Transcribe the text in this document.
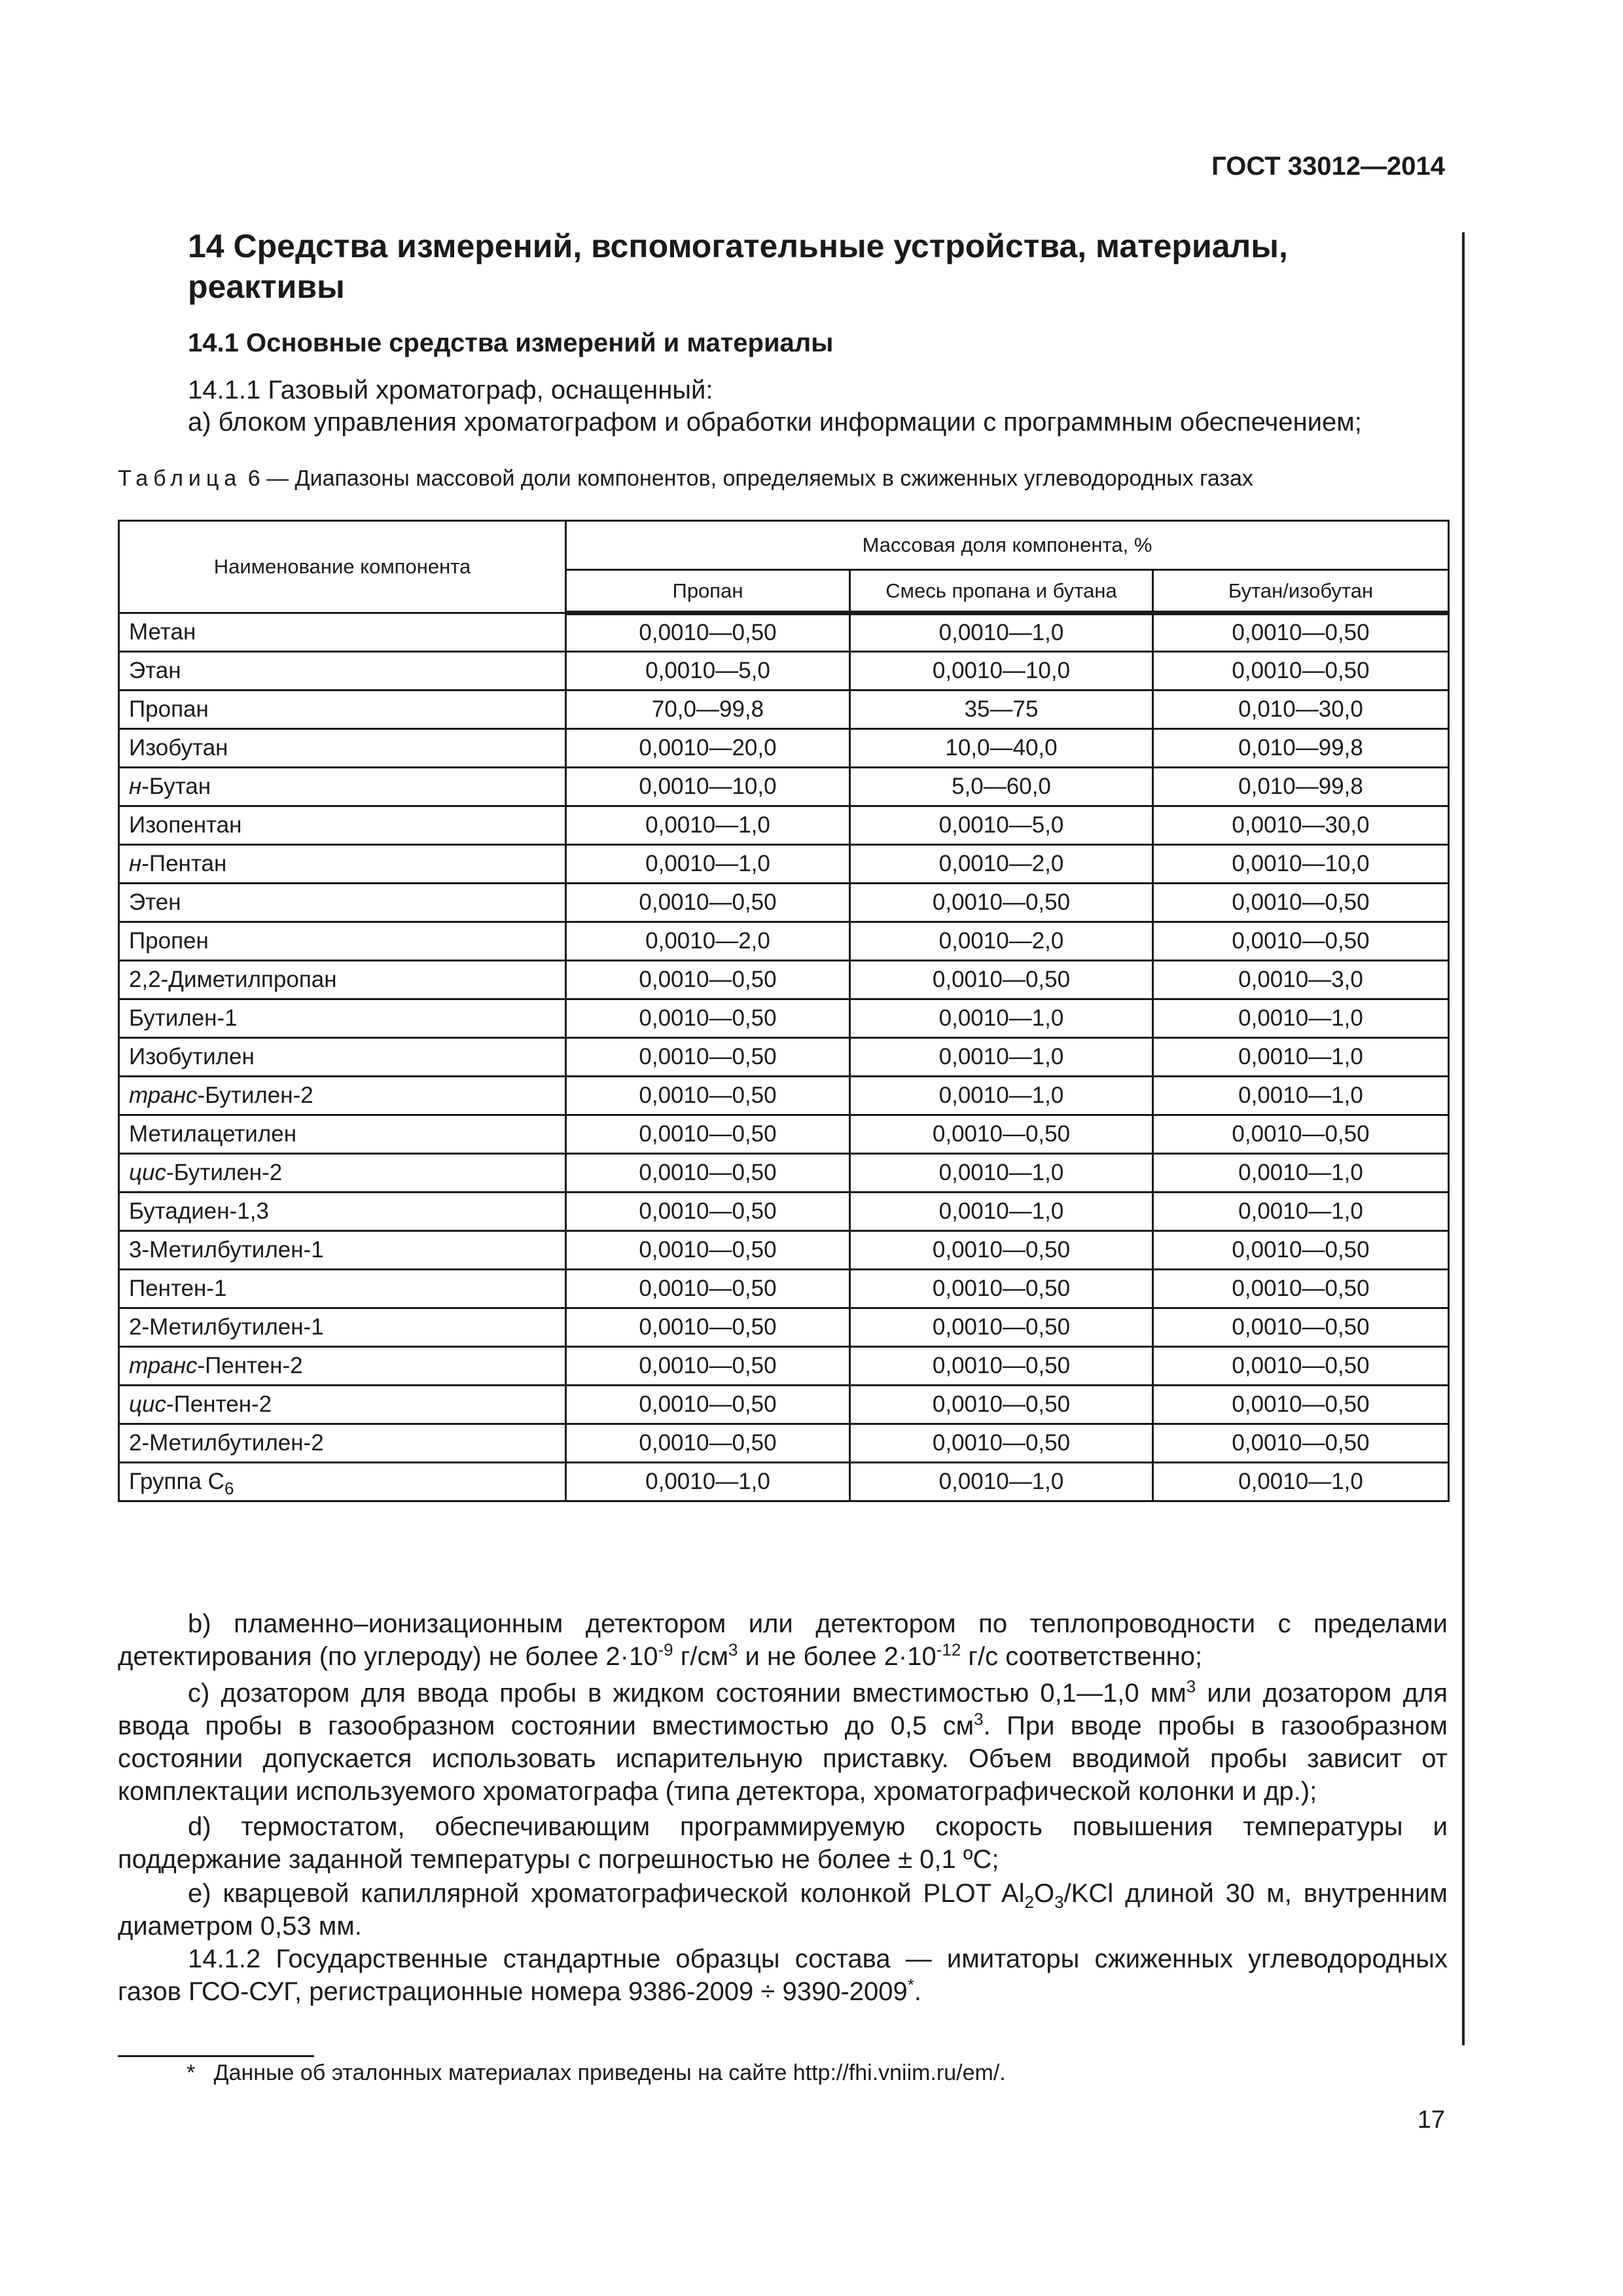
ГОСТ 33012—2014
14 Средства измерений, вспомогательные устройства, материалы, реактивы
14.1 Основные средства измерений и материалы
14.1.1 Газовый хроматограф, оснащенный:
а) блоком управления хроматографом и обработки информации с программным обеспечением;
Таблица 6 — Диапазоны массовой доли компонентов, определяемых в сжиженных углеводородных газах
Наименование компонента	Массовая доля компонента, %		
	Пропан	Смесь пропана и бутана	Бутан/изобутан
Метан	0,0010—0,50	0,0010—1,0	0,0010—0,50
Этан	0,0010—5,0	0,0010—10,0	0,0010—0,50
Пропан	70,0—99,8	35—75	0,010—30,0
Изобутан	0,0010—20,0	10,0—40,0	0,010—99,8
н-Бутан	0,0010—10,0	5,0—60,0	0,010—99,8
Изопентан	0,0010—1,0	0,0010—5,0	0,0010—30,0
н-Пентан	0,0010—1,0	0,0010—2,0	0,0010—10,0
Этен	0,0010—0,50	0,0010—0,50	0,0010—0,50
Пропен	0,0010—2,0	0,0010—2,0	0,0010—0,50
2,2-Диметилпропан	0,0010—0,50	0,0010—0,50	0,0010—3,0
Бутилен-1	0,0010—0,50	0,0010—1,0	0,0010—1,0
Изобутилен	0,0010—0,50	0,0010—1,0	0,0010—1,0
транс-Бутилен-2	0,0010—0,50	0,0010—1,0	0,0010—1,0
Метилацетилен	0,0010—0,50	0,0010—0,50	0,0010—0,50
цис-Бутилен-2	0,0010—0,50	0,0010—1,0	0,0010—1,0
Бутадиен-1,3	0,0010—0,50	0,0010—1,0	0,0010—1,0
3-Метилбутилен-1	0,0010—0,50	0,0010—0,50	0,0010—0,50
Пентен-1	0,0010—0,50	0,0010—0,50	0,0010—0,50
2-Метилбутилен-1	0,0010—0,50	0,0010—0,50	0,0010—0,50
транс-Пентен-2	0,0010—0,50	0,0010—0,50	0,0010—0,50
цис-Пентен-2	0,0010—0,50	0,0010—0,50	0,0010—0,50
2-Метилбутилен-2	0,0010—0,50	0,0010—0,50	0,0010—0,50
Группа $C_6$	0,0010—1,0	0,0010—1,0	0,0010—1,0
b) пламенно–ионизационным детектором или детектором по теплопроводности с пределами детектирования (по углероду) не более $2\cdot 10^{-9}$ $г/см^3$ и не более $2\cdot 10^{-12}$ г/с соответственно;
c) дозатором для ввода пробы в жидком состоянии вместимостью 0,1—1,0 $мм^3$ или дозатором для ввода пробы в газообразном состоянии вместимостью до 0,5 $см^3$. При вводе пробы в газообразном состоянии допускается использовать испарительную приставку. Объем вводимой пробы зависит от комплектации используемого хроматографа (типа детектора, хроматографической колонки и др.);
d) термостатом, обеспечивающим программируемую скорость повышения температуры и поддержание заданной температуры с погрешностью не более ± 0,1 ºС;
e) кварцевой капиллярной хроматографической колонкой PLOT $Al_2O_3$/KCl длиной 30 м, внутренним диаметром 0,53 мм.
14.1.2 Государственные стандартные образцы состава — имитаторы сжиженных углеводородных газов ГСО-СУГ, регистрационные номера 9386-2009 ÷ 9390-2009*.
* Данные об эталонных материалах приведены на сайте http://fhi.vniim.ru/em/.
17
